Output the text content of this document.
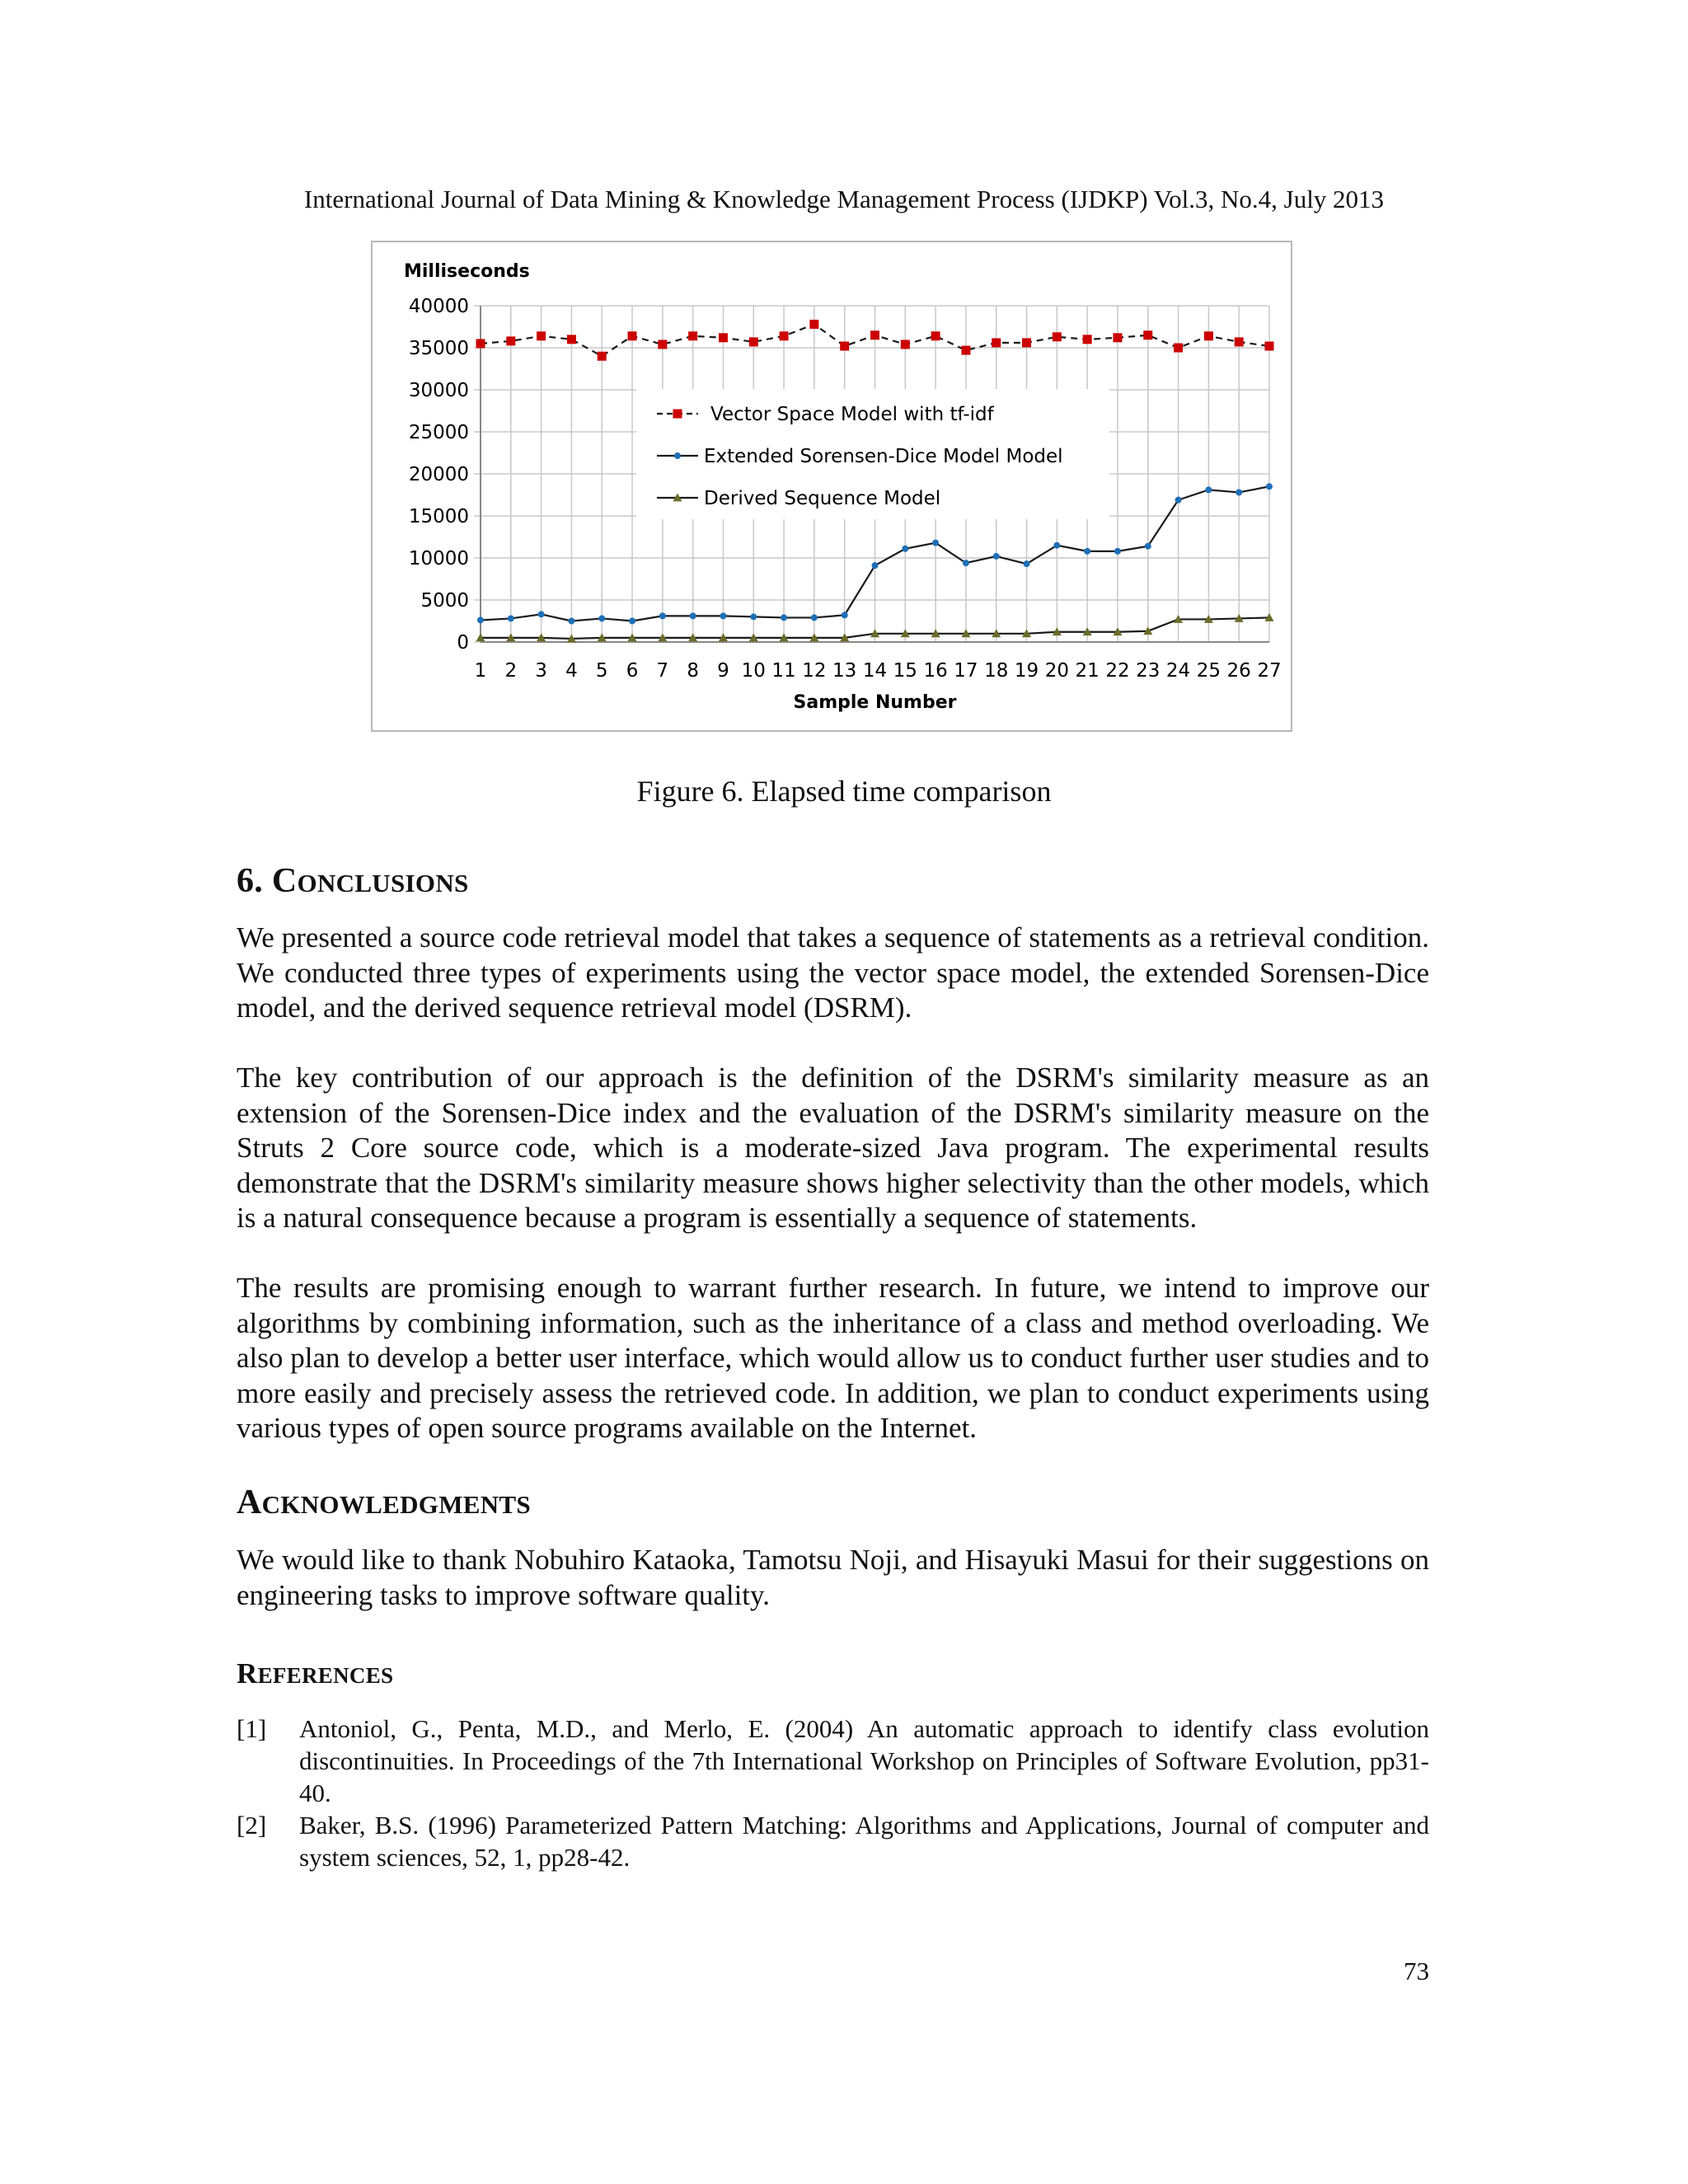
International Journal of Data Mining & Knowledge Management Process (IJDKP) Vol.3, No.4, July 2013
0
5000
10000
15000
20000
25000
30000
35000
40000
1 2 3 4 5 6 7 8 9 10 11 12 13 14 15 16 17 18 19 20 21 22 23 24 25 26 27
Milliseconds
Sample Number
Vector Space Model with tf-idf
Extended Sorensen-Dice Model Model
Derived Sequence Model
Figure 6. Elapsed time comparison
6. CONCLUSIONS

We presented a source code retrieval model that takes a sequence of statements as a retrieval condition. We conducted three types of experiments using the vector space model, the extended Sorensen-Dice model, and the derived sequence retrieval model (DSRM).

The key contribution of our approach is the definition of the DSRM's similarity measure as an extension of the Sorensen-Dice index and the evaluation of the DSRM's similarity measure on the Struts 2 Core source code, which is a moderate-sized Java program. The experimental results demonstrate that the DSRM's similarity measure shows higher selectivity than the other models, which is a natural consequence because a program is essentially a sequence of statements.

The results are promising enough to warrant further research. In future, we intend to improve our algorithms by combining information, such as the inheritance of a class and method overloading. We also plan to develop a better user interface, which would allow us to conduct further user studies and to more easily and precisely assess the retrieved code. In addition, we plan to conduct experiments using various types of open source programs available on the Internet.

ACKNOWLEDGMENTS

We would like to thank Nobuhiro Kataoka, Tamotsu Noji, and Hisayuki Masui for their suggestions on engineering tasks to improve software quality.

REFERENCES
[1] Antoniol, G., Penta, M.D., and Merlo, E. (2004) An automatic approach to identify class evolution discontinuities. In Proceedings of the 7th International Workshop on Principles of Software Evolution, pp31-40.
[2] Baker, B.S. (1996) Parameterized Pattern Matching: Algorithms and Applications, Journal of computer and system sciences, 52, 1, pp28-42.
73
